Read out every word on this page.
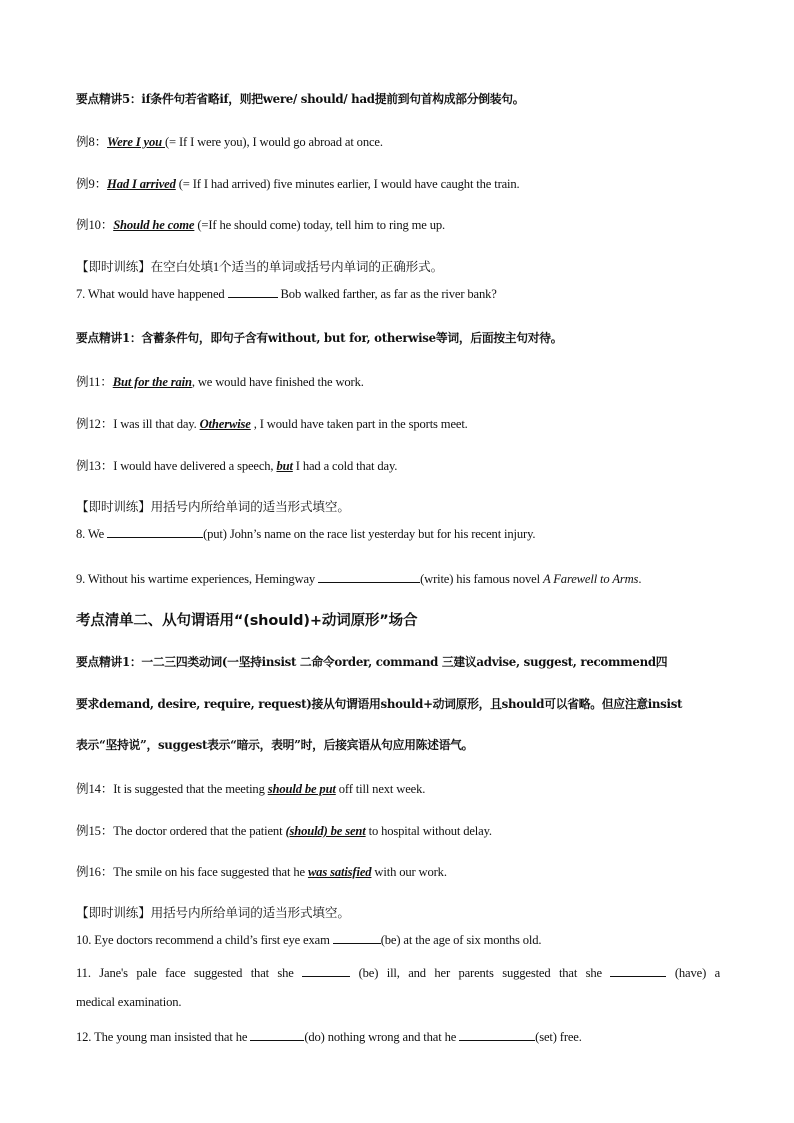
要点精讲5：if条件句若省略if，则把were/ should/ had提前到句首构成部分倒装句。
例8：Were I you (= If I were you), I would go abroad at once.
例9：Had I arrived (= If I had arrived) five minutes earlier, I would have caught the train.
例10：Should he come (=If he should come) today, tell him to ring me up.
【即时训练】在空白处填1个适当的单词或括号内单词的正确形式。
7. What would have happened	Bob walked farther, as far as the river bank?
要点精讲1：含蓄条件句，即句子含有without, but for, otherwise等词，后面按主句对待。
例11：But for the rain, we would have finished the work.
例12：I was ill that day. Otherwise , I would have taken part in the sports meet.
例13：I would have delivered a speech, but I had a cold that day.
【即时训练】用括号内所给单词的适当形式填空。
8. We	(put) John’s name on the race list yesterday but for his recent injury.
9. Without his wartime experiences, Hemingway	(write) his famous novel A Farewell to Arms.
考点清单二、从句谓语用“(should)+动词原形”场合
要点精讲1：一二三四类动词(一坚持insist 二命令order, command 三建议advise, suggest, recommend四
要求demand, desire, require, request)接从句谓语用should+动词原形，且should可以省略。但应注意insist
表示“坚持说”，suggest表示“暗示，表明”时，后接宾语从句应用陈述语气。
例14：It is suggested that the meeting should be put off till next week.
例15：The doctor ordered that the patient (should) be sent to hospital without delay.
例16：The smile on his face suggested that he was satisfied with our work.
【即时训练】用括号内所给单词的适当形式填空。
10. Eye doctors recommend a child’s first eye exam	(be) at the age of six months old.
11. Jane's pale face suggested that she	(be) ill, and her parents suggested that she	(have) a
medical examination.
12. The young man insisted that he	(do) nothing wrong and that he	(set) free.
